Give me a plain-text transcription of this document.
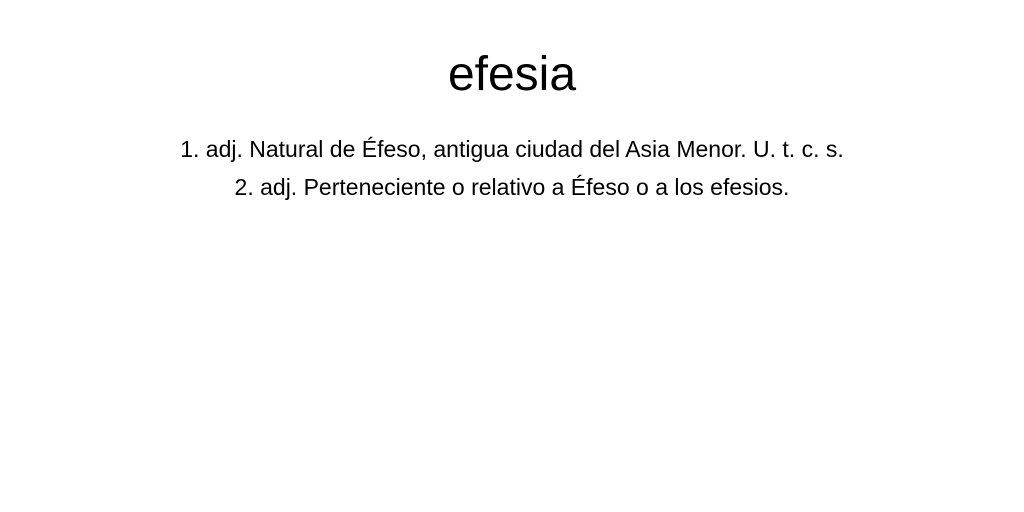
efesia
1. adj. Natural de Éfeso, antigua ciudad del Asia Menor. U. t. c. s.
2. adj. Perteneciente o relativo a Éfeso o a los efesios.
